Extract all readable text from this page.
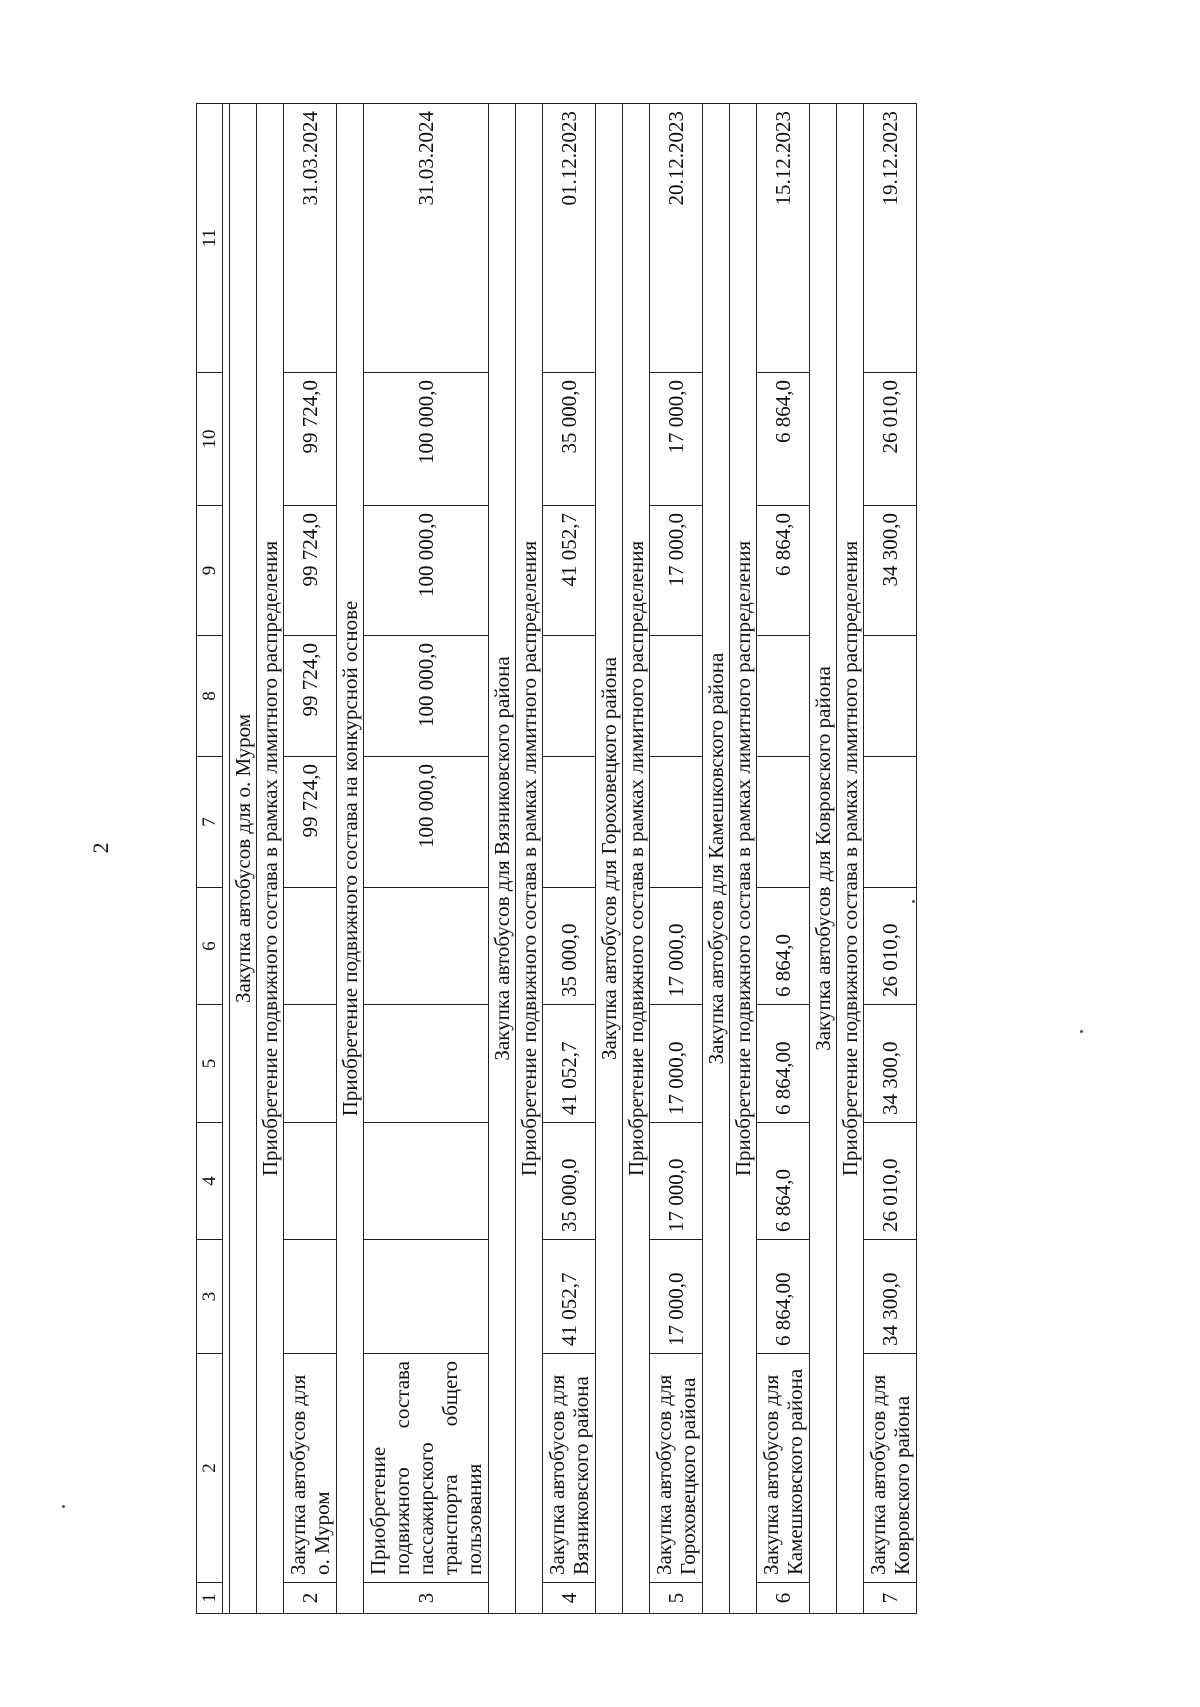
2
1	2	3	4	5	6	7	8	9	10	11

Закупка автобусов для о. Муром										
Приобретение подвижного состава в рамках лимитного распределения										
2	Закупка автобусов для о. Муром					99 724,0	99 724,0	99 724,0	99 724,0	31.03.2024
Приобретение подвижного состава на конкурсной основе										
3	Приобретение подвижного состава пассажирского транспорта общего пользования					100 000,0	100 000,0	100 000,0	100 000,0	31.03.2024
Закупка автобусов для Вязниковского района										
Приобретение подвижного состава в рамках лимитного распределения										
4	Закупка автобусов для Вязниковского района	41 052,7	35 000,0	41 052,7	35 000,0			41 052,7	35 000,0	01.12.2023
Закупка автобусов для Гороховецкого района										
Приобретение подвижного состава в рамках лимитного распределения										
5	Закупка автобусов для Гороховецкого района	17 000,0	17 000,0	17 000,0	17 000,0			17 000,0	17 000,0	20.12.2023
Закупка автобусов для Камешковского района										
Приобретение подвижного состава в рамках лимитного распределения										
6	Закупка автобусов для Камешковского района	6 864,00	6 864,0	6 864,00	6 864,0			6 864,0	6 864,0	15.12.2023
Закупка автобусов для Ковровского района										
Приобретение подвижного состава в рамках лимитного распределения										
7	Закупка автобусов для Ковровского района	34 300,0	26 010,0	34 300,0	26 010,0			34 300,0	26 010,0	19.12.2023
